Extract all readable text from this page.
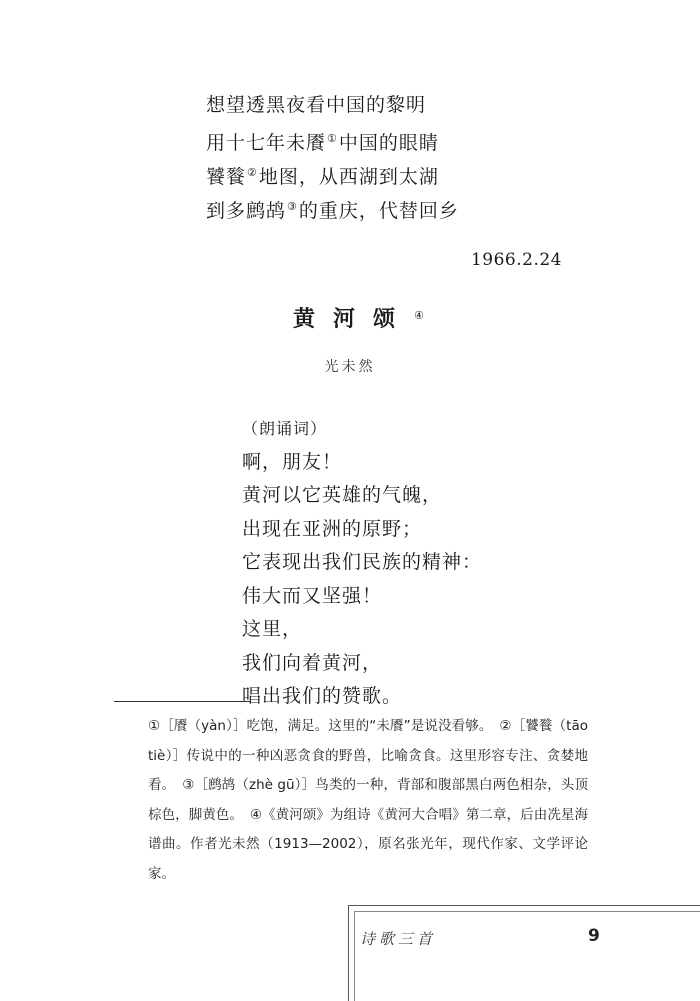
想望透黑夜看中国的黎明
用十七年未餍①中国的眼睛
饕餮②地图，从西湖到太湖
到多鹧鸪③的重庆，代替回乡
1966.2.24
黄河颂④
光未然
（朗诵词）
啊，朋友！
黄河以它英雄的气魄，
出现在亚洲的原野；
它表现出我们民族的精神：
伟大而又坚强！
这里，
我们向着黄河，
唱出我们的赞歌。
①［餍（yàn）］吃饱，满足。这里的“未餍”是说没看够。　②［饕餮（tāo tiè）］传说中的一种凶恶贪食的野兽，比喻贪食。这里形容专注、贪婪地看。　③［鹧鸪（zhè gū）］鸟类的一种，背部和腹部黑白两色相杂，头顶棕色，脚黄色。　④《黄河颂》为组诗《黄河大合唱》第二章，后由冼星海谱曲。作者光未然（1913—2002），原名张光年，现代作家、文学评论家。
诗歌三首	9
